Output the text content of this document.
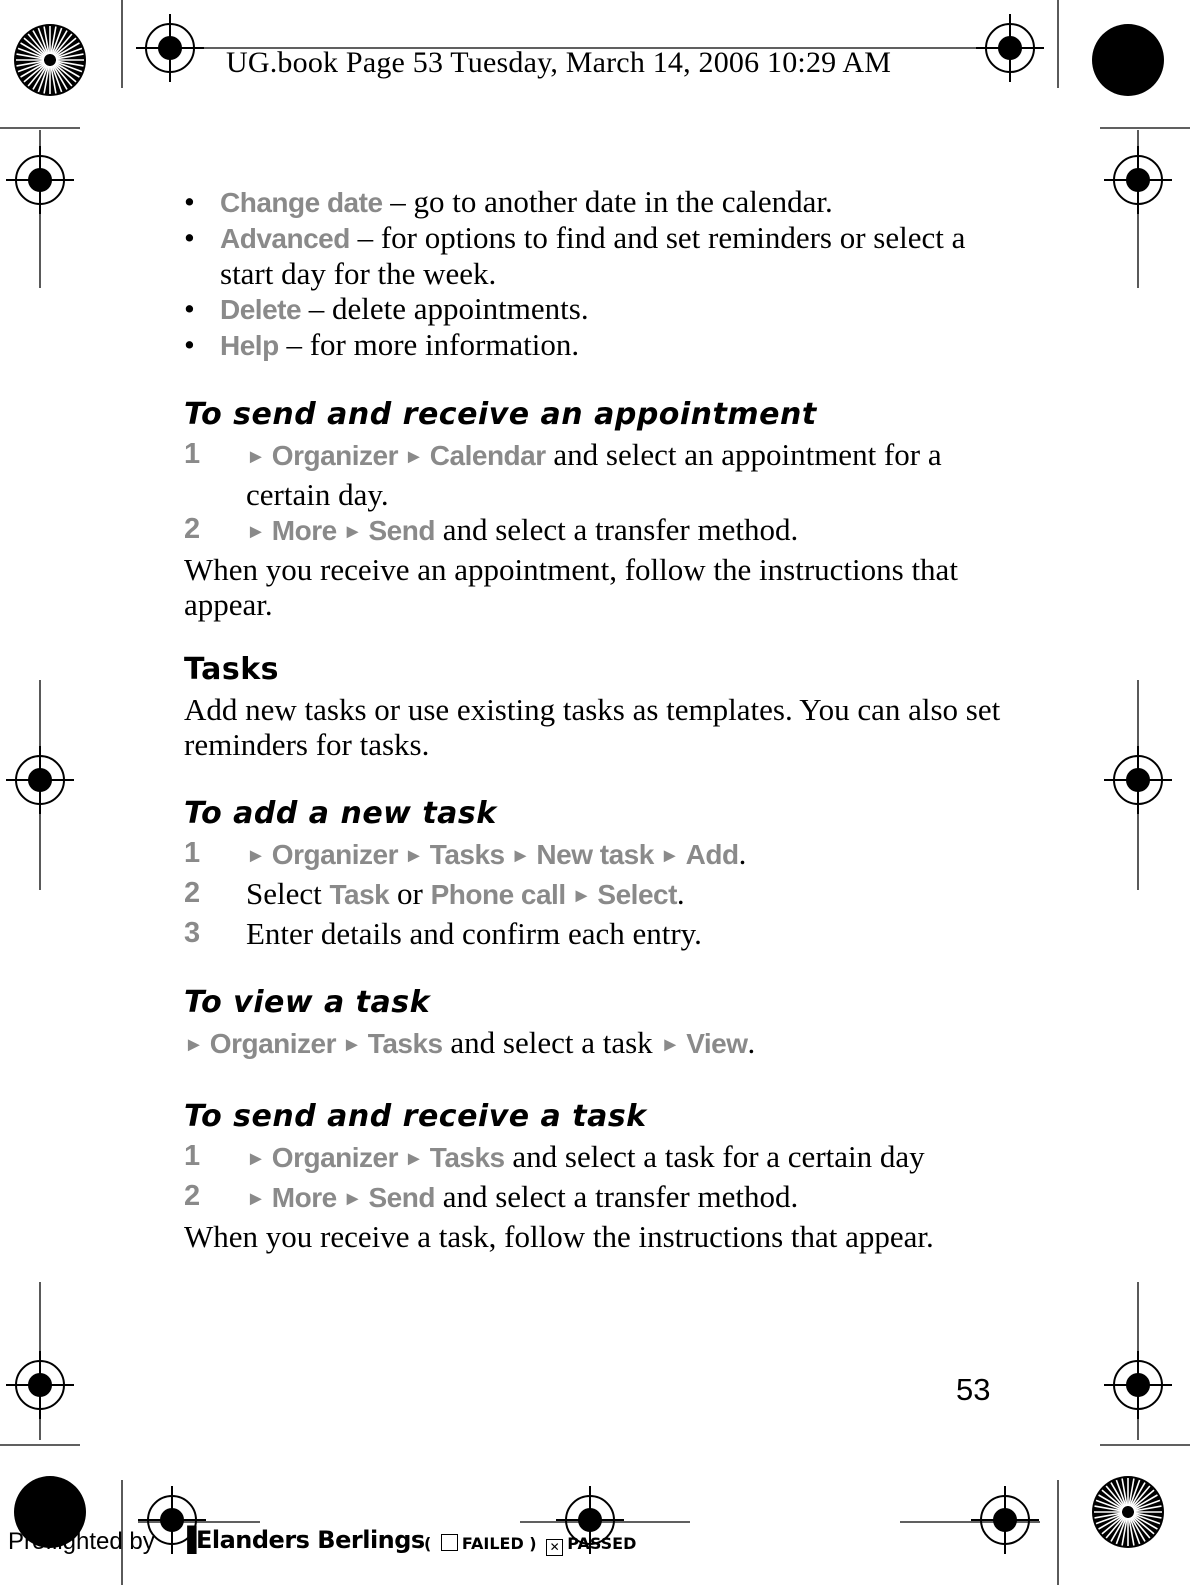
UG.book Page 53 Tuesday, March 14, 2006 10:29 AM
• Change date – go to another date in the calendar.
• Advanced – for options to find and set reminders or select a start day for the week.
• Delete – delete appointments.
• Help – for more information.
To send and receive an appointment
1 ► Organizer ► Calendar and select an appointment for a certain day.
2 ► More ► Send and select a transfer method.
When you receive an appointment, follow the instructions that appear.
Tasks
Add new tasks or use existing tasks as templates. You can also set reminders for tasks.
To add a new task
1 ► Organizer ► Tasks ► New task ► Add.
2 Select Task or Phone call ► Select.
3 Enter details and confirm each entry.
To view a task
► Organizer ► Tasks and select a task ► View.
To send and receive a task
1 ► Organizer ► Tasks and select a task for a certain day
2 ► More ► Send and select a transfer method.
When you receive a task, follow the instructions that appear.
53
Preflighted by ▐Elanders Berlings ( FAILED ) ✕ PASSED
